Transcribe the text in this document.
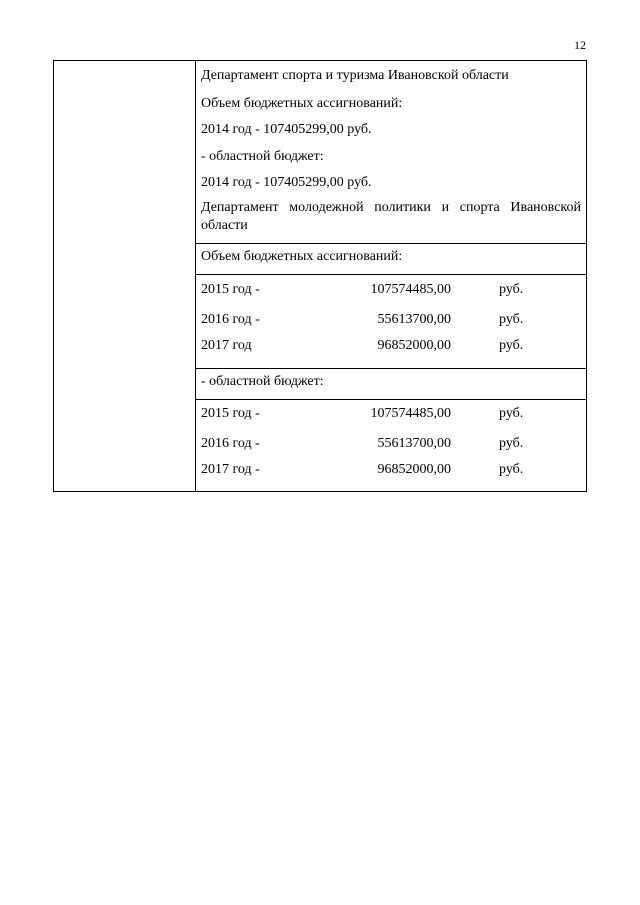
12
Департамент спорта и туризма Ивановской области
Объем бюджетных ассигнований:
2014 год - 107405299,00 руб.
- областной бюджет:
2014 год - 107405299,00 руб.
Департамент молодежной политики и спорта Ивановской области
Объем бюджетных ассигнований:
2015 год -	107574485,00	руб.
2016 год -	55613700,00	руб.
2017 год	96852000,00	руб.
- областной бюджет:
2015 год -	107574485,00	руб.
2016 год -	55613700,00	руб.
2017 год -	96852000,00	руб.
